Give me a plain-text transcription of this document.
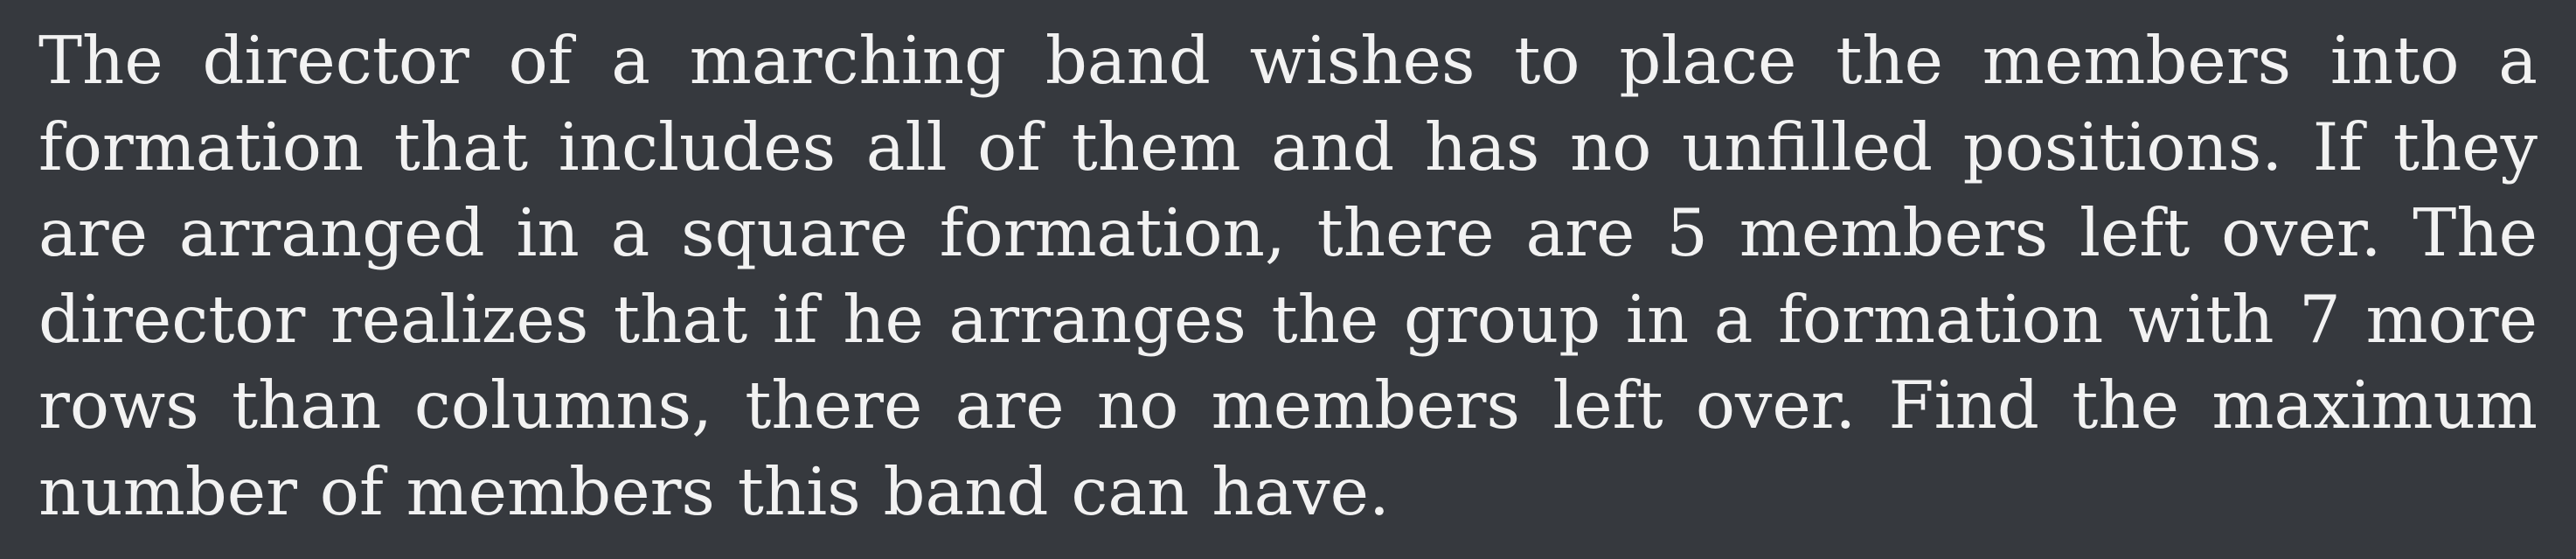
The director of a marching band wishes to place the members into a formation that includes all of them and has no unfilled positions. If they are arranged in a square formation, there are 5 members left over. The director realizes that if he arranges the group in a formation with 7 more rows than columns, there are no members left over. Find the maximum number of members this band can have.
